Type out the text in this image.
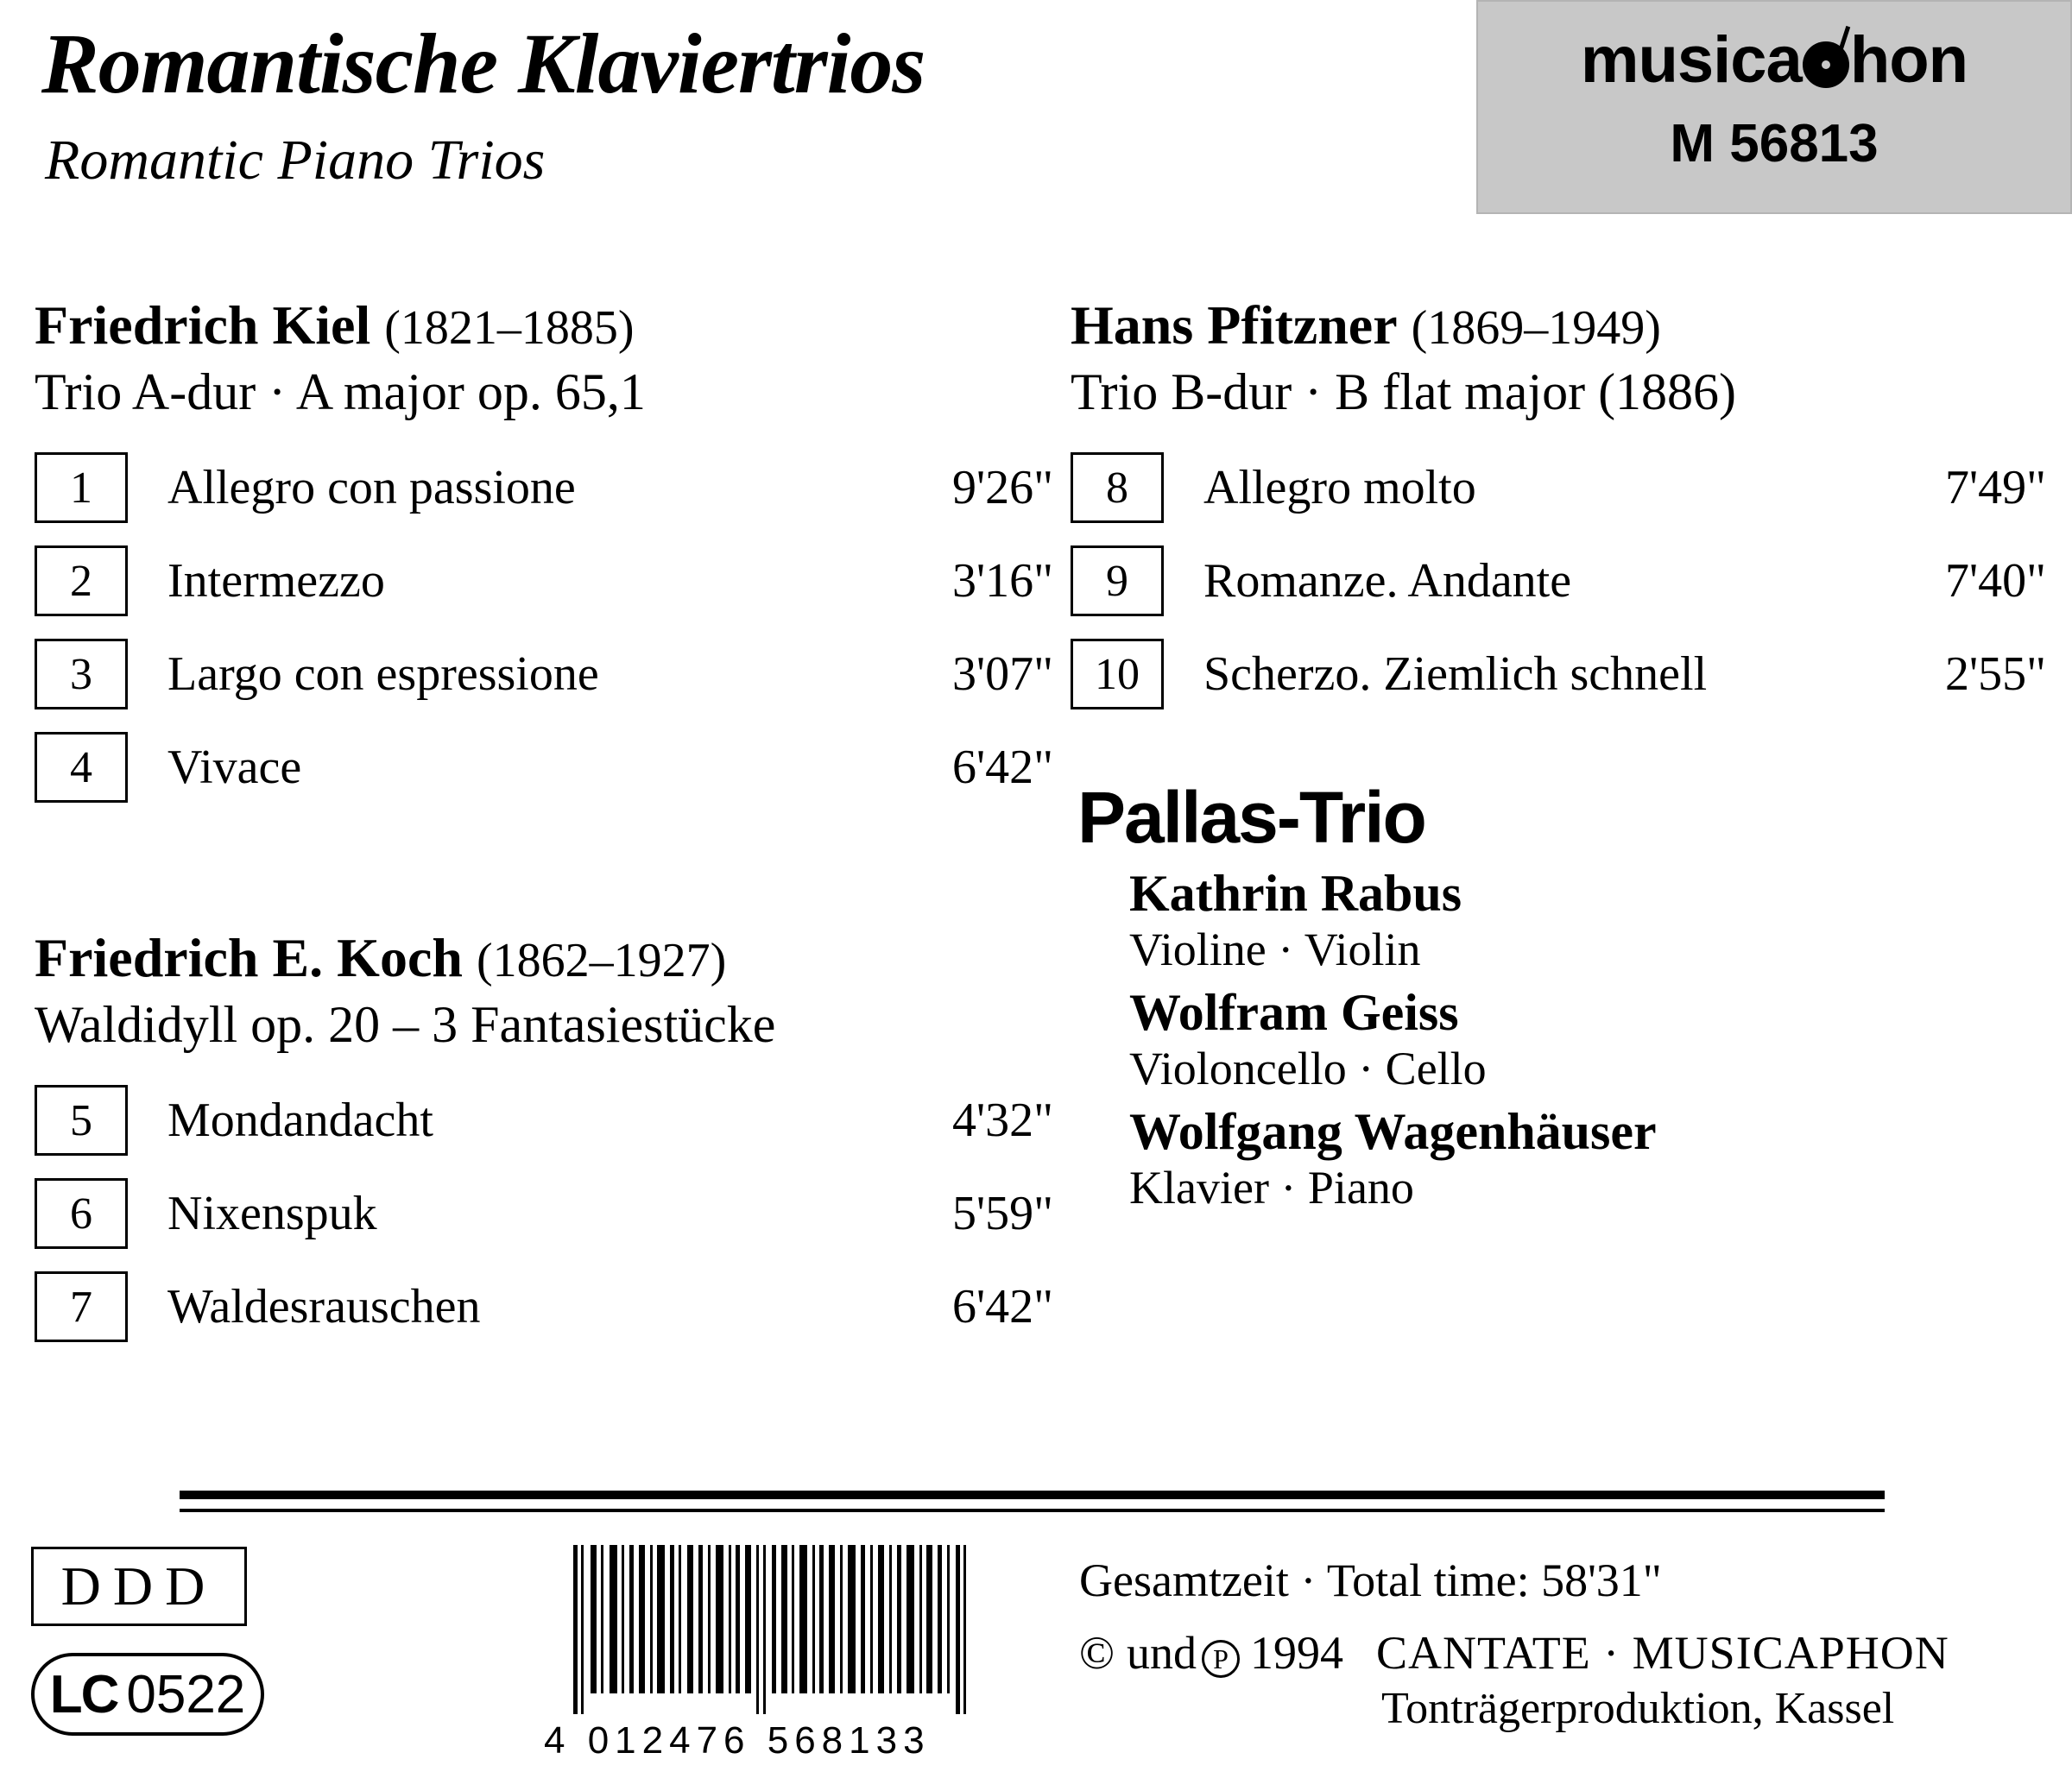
Romantische Klaviertrios
Romantic Piano Trios
musica hon
M 56813
Friedrich Kiel (1821–1885)
Trio A-dur · A major op. 65,1
1	Allegro con passione	9'26"
2	Intermezzo	3'16"
3	Largo con espressione	3'07"
4	Vivace	6'42"
Friedrich E. Koch (1862–1927)
Waldidyll op. 20 – 3 Fantasiestücke
5	Mondandacht	4'32"
6	Nixenspuk	5'59"
7	Waldesrauschen	6'42"
Hans Pfitzner (1869–1949)
Trio B-dur · B flat major (1886)
8	Allegro molto	7'49"
9	Romanze. Andante	7'40"
10	Scherzo. Ziemlich schnell	2'55"
Pallas-Trio
Kathrin Rabus
Violine · Violin
Wolfram Geiss
Violoncello · Cello
Wolfgang Wagenhäuser
Klavier · Piano
DDD
LC 0522
4 012476 568133
Gesamtzeit · Total time: 58'31"
© und P 1994 CANTATE · MUSICAPHON
Tonträgerproduktion, Kassel
